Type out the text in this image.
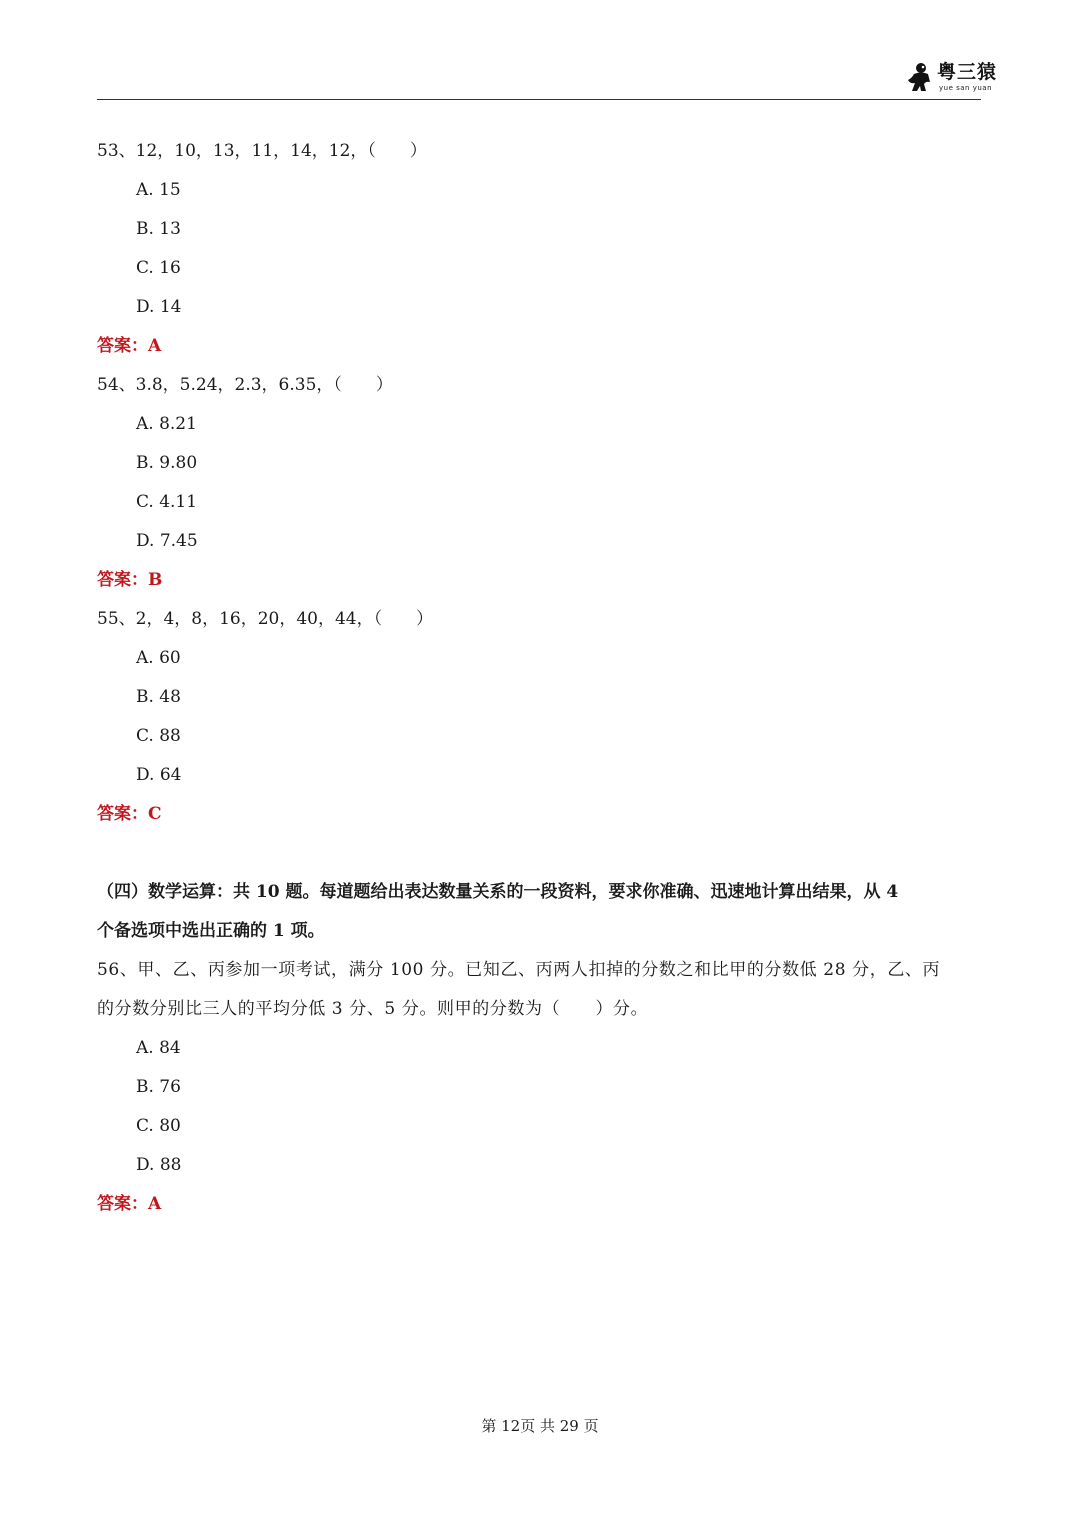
粤三猿
yue san yuan
53、12，10，13，11，14，12，（　　）
A. 15
B. 13
C. 16
D. 14
答案：A
54、3.8，5.24，2.3，6.35，（　　）
A. 8.21
B. 9.80
C. 4.11
D. 7.45
答案：B
55、2，4，8，16，20，40，44，（　　）
A. 60
B. 48
C. 88
D. 64
答案：C
（四）数学运算：共 10 题。每道题给出表达数量关系的一段资料，要求你准确、迅速地计算出结果，从 4
个备选项中选出正确的 1 项。
56、甲、乙、丙参加一项考试，满分 100 分。已知乙、丙两人扣掉的分数之和比甲的分数低 28 分，乙、丙
的分数分别比三人的平均分低 3 分、5 分。则甲的分数为（　　）分。
A. 84
B. 76
C. 80
D. 88
答案：A
第 12页 共 29 页
